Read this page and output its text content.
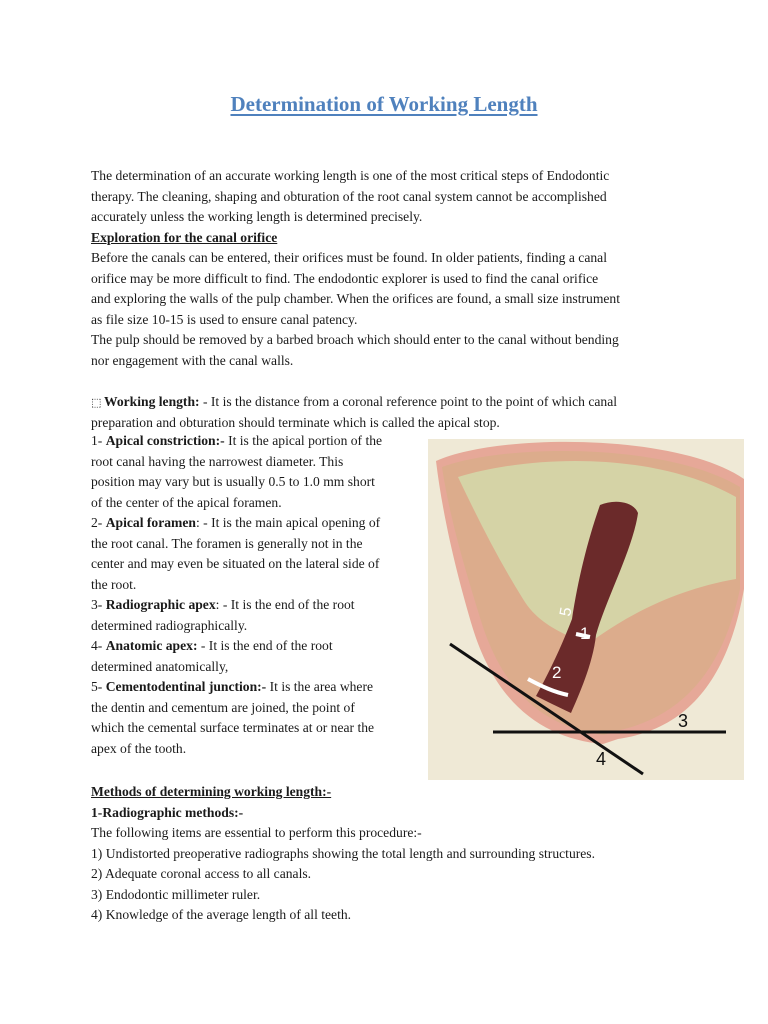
Determination of Working Length
The determination of an accurate working length is one of the most critical steps of Endodontic
therapy. The cleaning, shaping and obturation of the root canal system cannot be accomplished
accurately unless the working length is determined precisely.
Exploration for the canal orifice
Before the canals can be entered, their orifices must be found. In older patients, finding a canal
orifice may be more difficult to find. The endodontic explorer is used to find the canal orifice
and exploring the walls of the pulp chamber. When the orifices are found, a small size instrument
as file size 10-15 is used to ensure canal patency.
The pulp should be removed by a barbed broach which should enter to the canal without bending
nor engagement with the canal walls.
⬚ Working length: - It is the distance from a coronal reference point to the point of which canal
preparation and obturation should terminate which is called the apical stop.
1- Apical constriction:- It is the apical portion of the
root canal having the narrowest diameter. This
position may vary but is usually 0.5 to 1.0 mm short
of the center of the apical foramen.
2- Apical foramen: - It is the main apical opening of
the root canal. The foramen is generally not in the
center and may even be situated on the lateral side of
the root.
3- Radiographic apex: - It is the end of the root
determined radiographically.
4- Anatomic apex: - It is the end of the root
determined anatomically,
5- Cementodentinal junction:- It is the area where
the dentin and cementum are joined, the point of
which the cemental surface terminates at or near the
apex of the tooth.
1
2
3
4
5
Methods of determining working length:-
1-Radiographic methods:-
The following items are essential to perform this procedure:-
1) Undistorted preoperative radiographs showing the total length and surrounding structures.
2) Adequate coronal access to all canals.
3) Endodontic millimeter ruler.
4) Knowledge of the average length of all teeth.
